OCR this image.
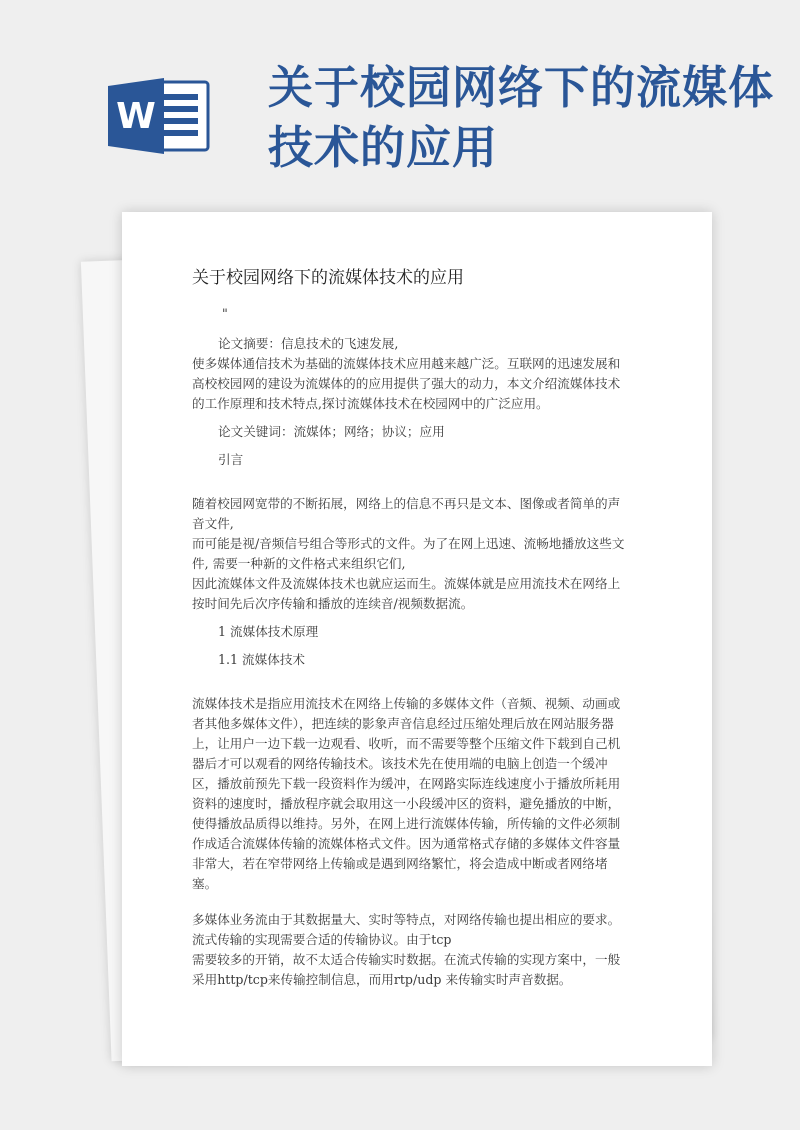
W
关于校园网络下的流媒体技术的应用

关于校园网络下的流媒体技术的应用

"

论文摘要：信息技术的飞速发展,

使多媒体通信技术为基础的流媒体技术应用越来越广泛。互联网的迅速发展和高校校园网的建设为流媒体的的应用提供了强大的动力，本文介绍流媒体技术的工作原理和技术特点,探讨流媒体技术在校园网中的广泛应用。

论文关键词：流媒体；网络；协议；应用

引言

随着校园网宽带的不断拓展，网络上的信息不再只是文本、图像或者简单的声音文件,

而可能是视/音频信号组合等形式的文件。为了在网上迅速、流畅地播放这些文件, 需要一种新的文件格式来组织它们,

因此流媒体文件及流媒体技术也就应运而生。流媒体就是应用流技术在网络上按时间先后次序传输和播放的连续音/视频数据流。

1 流媒体技术原理

1.1 流媒体技术

流媒体技术是指应用流技术在网络上传输的多媒体文件（音频、视频、动画或者其他多媒体文件），把连续的影象声音信息经过压缩处理后放在网站服务器上，让用户一边下载一边观看、收听，而不需要等整个压缩文件下载到自己机器后才可以观看的网络传输技术。该技术先在使用端的电脑上创造一个缓冲区，播放前预先下载一段资料作为缓冲，在网路实际连线速度小于播放所耗用资料的速度时，播放程序就会取用这一小段缓冲区的资料，避免播放的中断，使得播放品质得以维持。另外，在网上进行流媒体传输，所传输的文件必须制作成适合流媒体传输的流媒体格式文件。因为通常格式存储的多媒体文件容量非常大，若在窄带网络上传输或是遇到网络繁忙，将会造成中断或者网络堵塞。

多媒体业务流由于其数据量大、实时等特点，对网络传输也提出相应的要求。流式传输的实现需要合适的传输协议。由于tcp

需要较多的开销，故不太适合传输实时数据。在流式传输的实现方案中，一般采用http/tcp来传输控制信息，而用rtp/udp 来传输实时声音数据。
